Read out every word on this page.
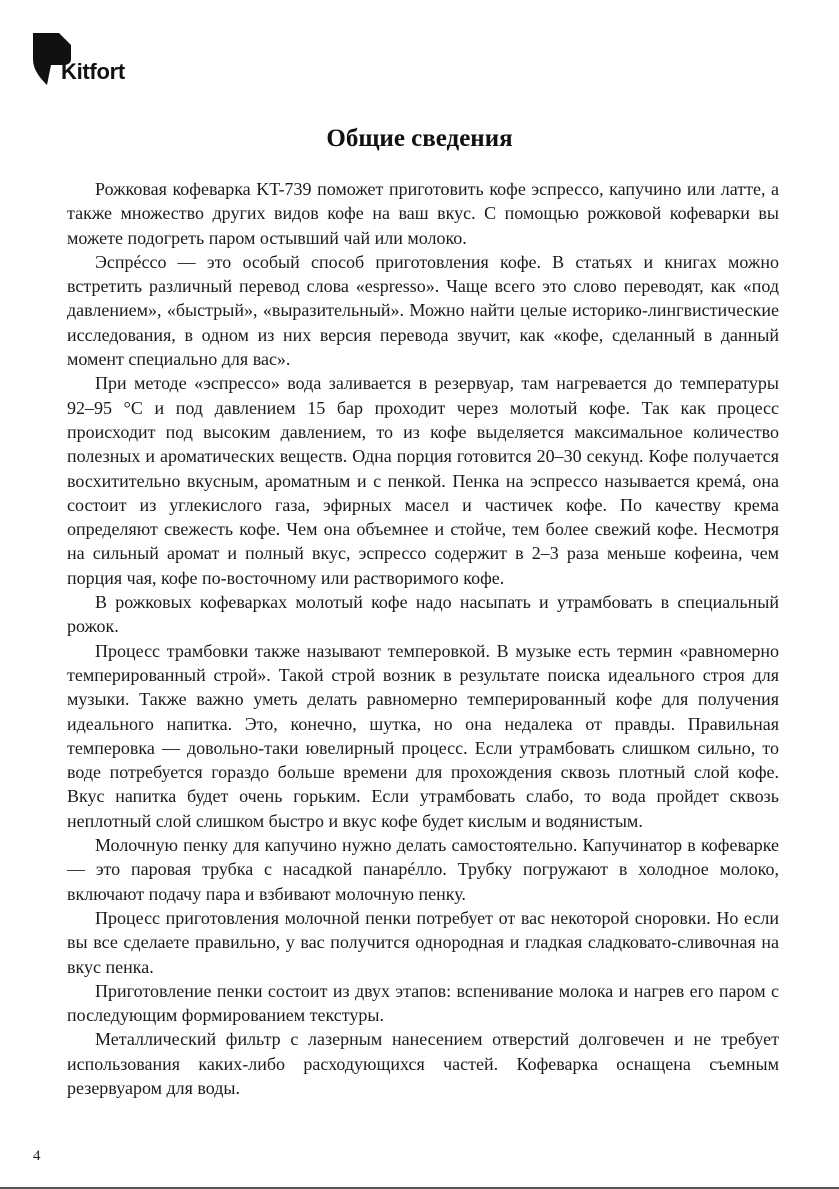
Kitfort
Общие сведения

Рожковая кофеварка KT-739 поможет приготовить кофе эспрессо, капучино или латте, а также множество других видов кофе на ваш вкус. С помощью рожковой кофеварки вы можете подогреть паром остывший чай или молоко.

Эспрéссо — это особый способ приготовления кофе. В статьях и книгах можно встретить различный перевод слова «espresso». Чаще всего это слово переводят, как «под давлением», «быстрый», «выразительный». Можно найти целые историко-лингвистические исследования, в одном из них версия перевода звучит, как «кофе, сделанный в данный момент специально для вас».

При методе «эспрессо» вода заливается в резервуар, там нагревается до температуры 92–95 °C и под давлением 15 бар проходит через молотый кофе. Так как процесс происходит под высоким давлением, то из кофе выделяется максимальное количество полезных и ароматических веществ. Одна порция готовится 20–30 секунд. Кофе получается восхитительно вкусным, ароматным и с пенкой. Пенка на эспрессо называется кремá, она состоит из углекислого газа, эфирных масел и частичек кофе. По качеству крема определяют свежесть кофе. Чем она объемнее и стойче, тем более свежий кофе. Несмотря на сильный аромат и полный вкус, эспрессо содержит в 2–3 раза меньше кофеина, чем порция чая, кофе по-восточному или растворимого кофе.

В рожковых кофеварках молотый кофе надо насыпать и утрамбовать в специальный рожок.

Процесс трамбовки также называют темперовкой. В музыке есть термин «равномерно темперированный строй». Такой строй возник в результате поиска идеального строя для музыки. Также важно уметь делать равномерно темперированный кофе для получения идеального напитка. Это, конечно, шутка, но она недалека от правды. Правильная темперовка — довольно-таки ювелирный процесс. Если утрамбовать слишком сильно, то воде потребуется гораздо больше времени для прохождения сквозь плотный слой кофе. Вкус напитка будет очень горьким. Если утрамбовать слабо, то вода пройдет сквозь неплотный слой слишком быстро и вкус кофе будет кислым и водянистым.

Молочную пенку для капучино нужно делать самостоятельно. Капучинатор в кофеварке — это паровая трубка с насадкой панарéлло. Трубку погружают в холодное молоко, включают подачу пара и взбивают молочную пенку.

Процесс приготовления молочной пенки потребует от вас некоторой сноровки. Но если вы все сделаете правильно, у вас получится однородная и гладкая сладковато-сливочная на вкус пенка.

Приготовление пенки состоит из двух этапов: вспенивание молока и нагрев его паром с последующим формированием текстуры.

Металлический фильтр с лазерным нанесением отверстий долговечен и не требует использования каких-либо расходующихся частей. Кофеварка оснащена съемным резервуаром для воды.

4
